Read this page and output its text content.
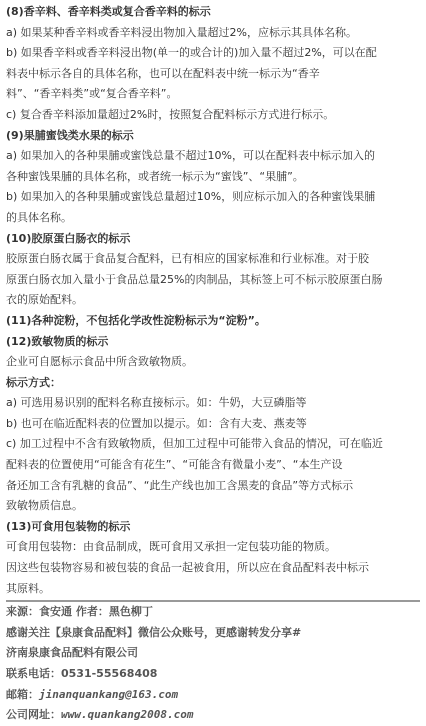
(8)香辛料、香辛料类或复合香辛料的标示
a) 如果某种香辛料或香辛料浸出物加入量超过2%，应标示其具体名称。
b) 如果香辛料或香辛料浸出物(单一的或合计的)加入量不超过2%，可以在配
料表中标示各自的具体名称，也可以在配料表中统一标示为“香辛
料”、“香辛料类”或“复合香辛料”。
c) 复合香辛料添加量超过2%时，按照复合配料标示方式进行标示。
(9)果脯蜜饯类水果的标示
a) 如果加入的各种果脯或蜜饯总量不超过10%，可以在配料表中标示加入的
各种蜜饯果脯的具体名称，或者统一标示为“蜜饯”、“果脯”。
b) 如果加入的各种果脯或蜜饯总量超过10%，则应标示加入的各种蜜饯果脯
的具体名称。
(10)胶原蛋白肠衣的标示
胶原蛋白肠衣属于食品复合配料，已有相应的国家标准和行业标准。对于胶
原蛋白肠衣加入量小于食品总量25%的肉制品，其标签上可不标示胶原蛋白肠
衣的原始配料。
(11)各种淀粉，不包括化学改性淀粉标示为“淀粉”。
(12)致敏物质的标示
企业可自愿标示食品中所含致敏物质。
标示方式：
a) 可选用易识别的配料名称直接标示。如：牛奶，大豆磷脂等
b) 也可在临近配料表的位置加以提示。如：含有大麦、燕麦等
c) 加工过程中不含有致敏物质，但加工过程中可能带入食品的情况，可在临近
配料表的位置使用“可能含有花生”、“可能含有微量小麦”、“本生产设
备还加工含有乳糖的食品”、“此生产线也加工含黑麦的食品”等方式标示
致敏物质信息。
(13)可食用包装物的标示
可食用包装物：由食品制成，既可食用又承担一定包装功能的物质。
因这些包装物容易和被包装的食品一起被食用，所以应在食品配料表中标示
其原料。
来源：食安通 作者：黑色柳丁
感谢关注【泉康食品配料】微信公众账号，更感谢转发分享#
济南泉康食品配料有限公司
联系电话：0531-55568408
邮箱：jinanquankang@163.com
公司网址：www.quankang2008.com
